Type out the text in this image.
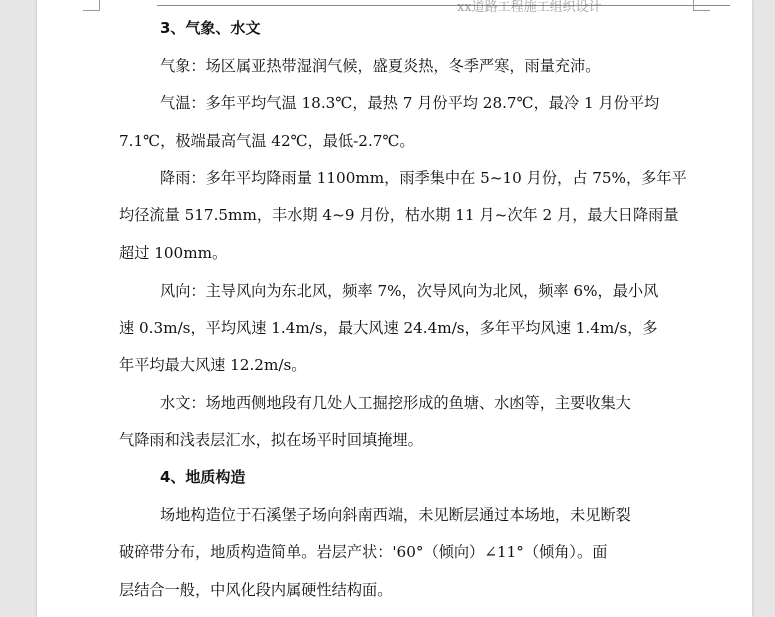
xx道路工程施工组织设计
3、气象、水文
气象：场区属亚热带湿润气候，盛夏炎热，冬季严寒，雨量充沛。
气温：多年平均气温 18.3℃，最热 7 月份平均 28.7℃，最冷 1 月份平均
7.1℃，极端最高气温 42℃，最低-2.7℃。
降雨：多年平均降雨量 1100mm，雨季集中在 5~10 月份，占 75%，多年平
均径流量 517.5mm，丰水期 4~9 月份，枯水期 11 月~次年 2 月，最大日降雨量
超过 100mm。
风向：主导风向为东北风，频率 7%，次导风向为北风，频率 6%，最小风
速 0.3m/s，平均风速 1.4m/s，最大风速 24.4m/s，多年平均风速 1.4m/s，多
年平均最大风速 12.2m/s。
水文：场地西侧地段有几处人工掘挖形成的鱼塘、水凼等，主要收集大
气降雨和浅表层汇水，拟在场平时回填掩埋。
4、地质构造
场地构造位于石溪堡子场向斜南西端，未见断层通过本场地，未见断裂
破碎带分布，地质构造简单。岩层产状：'60°（倾向）∠11°（倾角）。面
层结合一般，中风化段内属硬性结构面。
